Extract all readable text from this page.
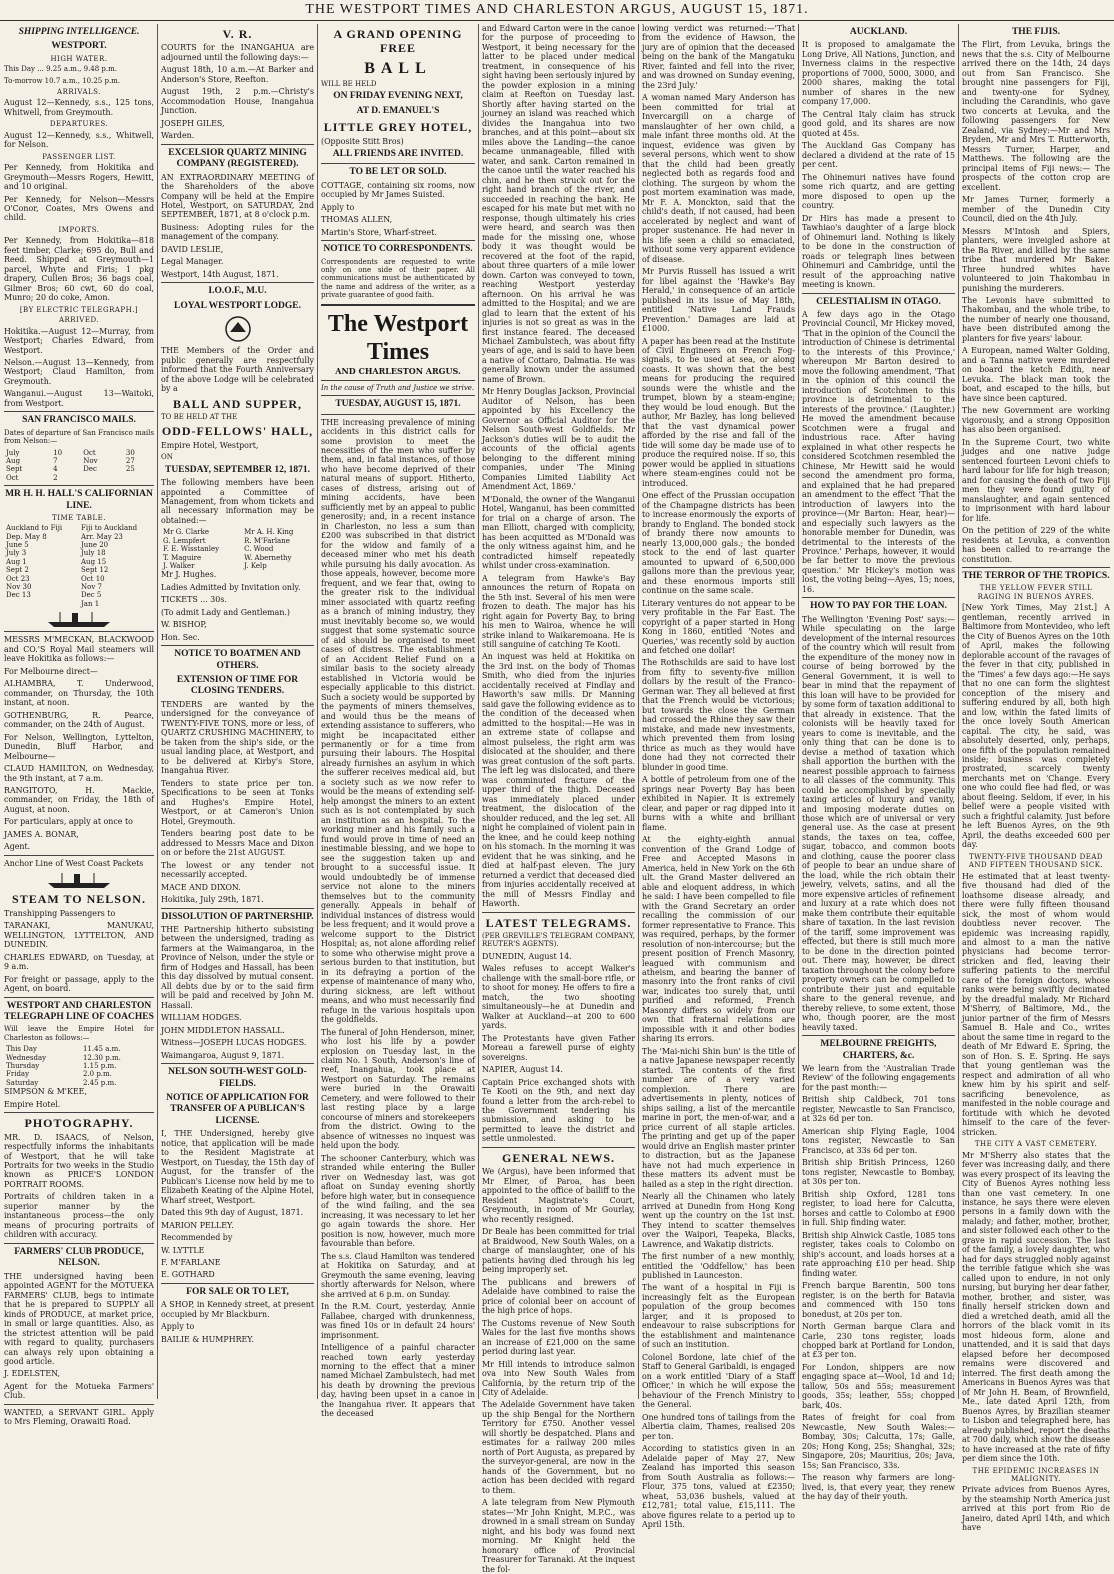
THE WESTPORT TIMES AND CHARLESTON ARGUS, AUGUST 15, 1871.
SHIPPING INTELLIGENCE.
WESTPORT.
HIGH WATER.

This Day ... 9.25 a.m., 9.48 p.m.

To-morrow 10.7 a.m., 10.25 p.m.

ARRIVALS.

August 12—Kennedy, s.s., 125 tons, Whitwell, from Greymouth.

DEPARTURES.

August 12—Kennedy, s.s., Whitwell, for Nelson.

PASSENGER LIST.

Per Kennedy, from Hokitika and Greymouth—Messrs Rogers, Hewitt, and 10 original.

Per Kennedy, for Nelson—Messrs O'Conor, Coates, Mrs Owens and child.

IMPORTS.

Per Kennedy, from Hokitika—818 feet timber, Clarke; 695 do, Bull and Reed. Shipped at Greymouth—1 parcel, Whyte and Firis; 1 pkg drapery, Cullen Bros; 36 bags coal, Gilmer Bros; 60 cwt, 60 do coal, Munro; 20 do coke, Amon.

[BY ELECTRIC TELEGRAPH.]
ARRIVED.

Hokitika.—August 12—Murray, from Westport; Charles Edward, from Westport.

Nelson.—August 13—Kennedy, from Westport; Claud Hamilton, from Greymouth.

Wanganui.—August 13—Waitoki, from Westport.

SAN FRANCISCO MAILS.

Dates of departure of San Francisco mails from Nelson:—

July	10	Oct	30
Aug	7	Nov	27
Sept	4	Dec	25
Oct	2		
MR H. H. HALL'S CALIFORNIAN LINE.
TIME TABLE.
Auckland to Fiji	Fiji to Auckland
Dep. May 8	Arr. May 23
June 5	June 20
July 3	July 18
Aug 1	Aug 15
Sept 2	Sept 12
Oct 23	Oct 10
Nov 30	Nov 7
Dec 13	Dec 5
	Jan 1

MESSRS M'MECKAN, BLACKWOOD and CO.'S Royal Mail steamers will leave Hokitika as follows:—

For Melbourne direct—

ALHAMBRA, T. Underwood, commander, on Thursday, the 10th instant, at noon.

GOTHENBURG, R. Pearce, commander, on the 24th of August.

For Nelson, Wellington, Lyttelton, Dunedin, Bluff Harbor, and Melbourne—

CLAUD HAMILTON, on Wednesday, the 9th instant, at 7 a.m.

RANGITOTO, H. Mackie, commander, on Friday, the 18th of August, at noon.

For particulars, apply at once to

JAMES A. BONAR,

Agent.

Anchor Line of West Coast Packets

STEAM TO NELSON.

Transhipping Passengers to

TARANAKI, MANUKAU, WELLINGTON, LYTTELTON, AND DUNEDIN.

CHARLES EDWARD, on Tuesday, at 9 a.m.

For freight or passage, apply to the Agent, on board.

WESTPORT AND CHARLESTON TELEGRAPH LINE OF COACHES

Will leave the Empire Hotel for Charleston as follows:—

This Day	11.45 a.m.
Wednesday	12.30 p.m.
Thursday	1.15 p.m.
Friday	2.0 p.m.
Saturday	2.45 p.m.

SIMPSON & M'KEE,

Empire Hotel.

PHOTOGRAPHY.

MR. D. ISAACS, of Nelson, respectfully informs the inhabitants of Westport, that he will take Portraits for two weeks in the Studio known as PRICE'S LONDON PORTRAIT ROOMS.

Portraits of children taken in a superior manner by the instantaneous process—the only means of procuring portraits of children with accuracy.

FARMERS' CLUB PRODUCE, NELSON.

THE undersigned having been appointed AGENT for the MOTUEKA FARMERS' CLUB, begs to intimate that he is prepared to SUPPLY all kinds of PRODUCE, at market price, in small or large quantities. Also, as the strictest attention will be paid with regard to quality, purchasers can always rely upon obtaining a good article.

J. EDELSTEN,

Agent for the Motueka Farmers' Club.

WANTED, a SERVANT GIRL. Apply to Mrs Fleming, Orawaiti Road.

V. R.

COURTS for the INANGAHUA are adjourned until the following days:—

August 18th, 10 a.m.—At Barker and Anderson's Store, Reefton.

August 19th, 2 p.m.—Christy's Accommodation House, Inangahua Junction.

JOSEPH GILES,

Warden.

EXCELSIOR QUARTZ MINING COMPANY (REGISTERED).

AN EXTRAORDINARY MEETING of the Shareholders of the above Company will be held at the Empire Hotel, Westport, on SATURDAY, 2nd SEPTEMBER, 1871, at 8 o'clock p.m.

Business: Adopting rules for the management of the company.

DAVID LESLIE,

Legal Manager.

Westport, 14th August, 1871.

I.O.O.F., M.U.
LOYAL WESTPORT LODGE.

THE Members of the Order and public generally are respectfully informed that the Fourth Anniversary of the above Lodge will be celebrated by a

BALL AND SUPPER,

TO BE HELD AT THE

ODD-FELLOWS' HALL,

Empire Hotel, Westport,

ON

TUESDAY, SEPTEMBER 12, 1871.

The following members have been appointed a Committee of Management, from whom tickets and all necessary information may be obtained:—

Mr G. Clarke	Mr A. H. King
G. Lempfert	R. M'Farlane
F. E. Wisstanley	C. Wood
T. Maguire	W. Abernethy
J. Walker	J. Kelp

Mr J. Hughes.

Ladies Admitted by Invitation only.

TICKETS ... 30s.

(To admit Lady and Gentleman.)

W. BISHOP,

Hon. Sec.

NOTICE TO BOATMEN AND OTHERS.
EXTENSION OF TIME FOR CLOSING TENDERS.

TENDERS are wanted by the undersigned for the conveyance of TWENTY-FIVE TONS, more or less, of QUARTZ CRUSHING MACHINERY, to be taken from the ship's side, or the usual landing place, at Westport, and to be delivered at Kirby's Store, Inangahua River.

Tenders to state price per ton. Specifications to be seen at Tonks and Hughes's Empire Hotel, Westport, or at Cameron's Union Hotel, Greymouth.

Tenders bearing post date to be addressed to Messrs Mace and Dixon on or before the 21st AUGUST.

The lowest or any tender not necessarily accepted.

MACE AND DIXON.

Hokitika, July 29th, 1871.

DISSOLUTION OF PARTNERSHIP.

THE Partnership hitherto subsisting between the undersigned, trading as farmers at the Waimangaroa, in the Province of Nelson, under the style or firm of Hodges and Hassall, has been this day dissolved by mutual consent. All debts due by or to the said firm will be paid and received by John M. Hassall.

WILLIAM HODGES.

JOHN MIDDLETON HASSALL.

Witness—JOSEPH LUCAS HODGES.

Waimangaroa, August 9, 1871.

NELSON SOUTH-WEST GOLD-FIELDS.
NOTICE OF APPLICATION FOR TRANSFER OF A PUBLICAN'S LICENSE.

I, THE Undersigned, hereby give notice, that application will be made to the Resident Magistrate at Westport, on Tuesday, the 15th day of August, for the transfer of the Publican's License now held by me to Elizabeth Keating of the Alpine Hotel, Wharf street, Westport.

Dated this 9th day of August, 1871.

MARION PELLEY.

Recommended by

W. LYTTLE

F. M'FARLANE

E. GOTHARD

FOR SALE OR TO LET,

A SHOP, in Kennedy street, at present occupied by Mr Blackburn.

Apply to

BAILIE & HUMPHREY.

A GRAND OPENING FREE
BALL

WILL BE HELD

ON FRIDAY EVENING NEXT,
AT D. EMANUEL'S
LITTLE GREY HOTEL,

(Opposite Stitt Bros)

ALL FRIENDS ARE INVITED.
TO BE LET OR SOLD.

COTTAGE, containing six rooms, now occupied by Mr James Suisted.

Apply to

THOMAS ALLEN,

Martin's Store, Wharf-street.

NOTICE TO CORRESPONDENTS.

Correspondents are requested to write only on one side of their paper. All communications must be authenticated by the name and address of the writer, as a private guarantee of good faith.

The Westport Times
AND CHARLESTON ARGUS.

In the cause of Truth and Justice we strive.

TUESDAY, AUGUST 15, 1871.

THE increasing prevalence of mining accidents in this district calls for some provision to meet the necessities of the men who suffer by them, and, in fatal instances, of those who have become deprived of their natural means of support. Hitherto, cases of distress, arising out of mining accidents, have been sufficiently met by an appeal to public generosity; and, in a recent instance in Charleston, no less a sum than £200 was subscribed in that district for the widow and family of a deceased miner who met his death while pursuing his daily avocation. As those appeals, however, become more frequent, and we fear that, owing to the greater risk to the individual miner associated with quartz reefing as a branch of mining industry, they must inevitably become so, we would suggest that some systematic source of aid should be organised to meet cases of distress. The establishment of an Accident Relief Fund on a similar basis to the society already established in Victoria would be especially applicable to this district. Such a society would be supported by the payments of miners themselves, and would thus be the means of extending assistance to sufferers, who might be incapacitated either permanently or for a time from pursuing their labours. The Hospital already furnishes an asylum in which the sufferer receives medical aid, but a society such as we now refer to would be the means of extending self-help amongst the miners to an extent such as is not contemplated by such an institution as an hospital. To the working miner and his family such a fund would prove in time of need an inestimable blessing, and we hope to see the suggestion taken up and brought to a successful issue. It would undoubtedly be of immense service not alone to the miners themselves but to the community generally. Appeals in behalf of individual instances of distress would be less frequent; and it would prove a welcome support to the District Hospital; as, not alone affording relief to some who otherwise might prove a serious burden to that institution, but in its defraying a portion of the expense of maintenance of many who, during sickness, are left without means, and who must necessarily find refuge in the various hospitals upon the goldfields.

The funeral of John Henderson, miner, who lost his life by a powder explosion on Tuesday last, in the claim No. 1 South, Anderson's line of reef, Inangahua, took place at Westport on Saturday. The remains were buried in the Orawaiti Cemetery, and were followed to their last resting place by a large concourse of miners and storekeepers from the district. Owing to the absence of witnesses no inquest was held upon the body.

The schooner Canterbury, which was stranded while entering the Buller river on Wednesday last, was got afloat on Sunday evening shortly before high water, but in consequence of the wind failing, and the sea increasing, it was necessary to let her go again towards the shore. Her position is now, however, much more favourable than before.

The s.s. Claud Hamilton was tendered at Hokitika on Saturday, and at Greymouth the same evening, leaving shortly afterwards for Nelson, where she arrived at 6 p.m. on Sunday.

In the R.M. Court, yesterday, Annie Fallabee, charged with drunkenness, was fined 10s or in default 24 hours' imprisonment.

Intelligence of a painful character reached town early yesterday morning to the effect that a miner named Michael Zambulstech, had met his death by drowning the previous day, having been upset in a canoe in the Inangahua river. It appears that the deceased

and Edward Carton were in the canoe for the purpose of proceeding to Westport, it being necessary for the latter to be placed under medical treatment, in consequence of his sight having been seriously injured by the powder explosion in a mining claim at Reefton on Tuesday last. Shortly after having started on the journey an island was reached which divides the Inangahua into two branches, and at this point—about six miles above the Landing—the canoe became unmanageable, filled with water, and sank. Carton remained in the canoe until the water reached his chin, and he then struck out for the right hand branch of the river, and succeeded in reaching the bank. He escaped for his mate but met with no response, though ultimately his cries were heard, and search was then made for the missing one, whose body it was thought would be recovered at the foot of the rapid, about three quarters of a mile lower down. Carton was conveyed to town, reaching Westport yesterday afternoon. On his arrival he was admitted to the Hospital; and we are glad to learn that the extent of his injuries is not so great as was in the first instance feared. The deceased Michael Zambulstech, was about fifty years of age, and is said to have been a native of Cottaro, Dalmatia. He was generally known under the assumed name of Brown.

Mr Henry Douglas Jackson, Provincial Auditor of Nelson, has been appointed by his Excellency the Governor as Official Auditor for the Nelson South-west Goldfields. Mr Jackson's duties will be to audit the accounts of the official agents belonging to the different mining companies, under 'The Mining Companies Limited Liability Act Amendment Act, 1869.'

M'Donald, the owner of the Wanganui Hotel, Wanganui, has been committed for trial on a charge of arson. The man Elliott, charged with complicity, has been acquitted as M'Donald was the only witness against him, and he contradicted himself repeatedly whilst under cross-examination.

A telegram from Hawke's Bay announces the return of Ropata on the 5th inst. Several of his men were frozen to death. The major has his right again for Poverty Bay, to bring his men to Wairoa, whence he will strike inland to Waikaremoana. He is still sanguine of catching Te Kooti.

An inquest was held at Hokitika on the 3rd inst. on the body of Thomas Smith, who died from the injuries accidentally received at Findlay and Haworth's saw mills. Dr Manning said gave the following evidence as to the condition of the deceased when admitted to the hospital:—He was in an extreme state of collapse and almost pulseless, the right arm was dislocated at the shoulder, and there was great contusion of the soft parts. The left leg was dislocated, and there was comminuted fracture of the upper third of the thigh. Deceased was immediately placed under treatment, the dislocation of the shoulder reduced, and the leg set. All night he complained of violent pain in the knee, and he could keep nothing on his stomach. In the morning it was evident that he was sinking, and he died at half-past eleven. The jury returned a verdict that deceased died from injuries accidentally received at the mill of Messrs Findlay and Haworth.

LATEST TELEGRAMS.

(PER GREVILLE'S TELEGRAM COMPANY, REUTER'S AGENTS).

DUNEDIN, August 14.

Wales refuses to accept Walker's challenge with the small-bore rifle, or to shoot for money. He offers to fire a match, the two shooting simultaneously—he at Dunedin and Walker at Auckland—at 200 to 600 yards.

The Protestants have given Father Moreau a farewell purse of eighty sovereigns.

NAPIER, August 14.

Captain Price exchanged shots with Te Kooti on the 9th, and next day found a letter from the arch-rebel to the Government tendering his submission, and asking to be permitted to leave the district and settle unmolested.

GENERAL NEWS.

We (Argus), have been informed that Mr Elmer, of Paroa, has been appointed to the office of bailiff to the Resident Magistrate's Court, Greymouth, in room of Mr Gourlay, who recently resigned.

Dr Beale has been committed for trial at Braidwood, New South Wales, on a charge of manslaughter, one of his patients having died through his leg being improperly set.

The publicans and brewers of Adelaide have combined to raise the price of colonial beer on account of the high price of hops.

The Customs revenue of New South Wales for the last five months shows an increase of £21,000 on the same period during last year.

Mr Hill intends to introduce salmon ova into New South Wales from California, by the return trip of the City of Adelaide.

The Adelaide Government have taken up the ship Bengal for the Northern Territory for £750. Another vessel will shortly be despatched. Plans and estimates for a railway 200 miles north of Port Augusta, as prepared by the surveyor-general, are now in the hands of the Government, but no action has been decided with regard to them.

A late telegram from New Plymouth states—'Mr John Knight, M.P.C., was drowned in a small stream on Sunday night, and his body was found next morning. Mr Knight held the honorary office of Provincial Treasurer for Taranaki. At the inquest the fol-

lowing verdict was returned:—'That from the evidence of Hawson, the jury are of opinion that the deceased being on the bank of the Mangatuku River, fainted and fell into the river, and was drowned on Sunday evening, the 23rd July.'

A woman named Mary Anderson has been committed for trial at Invercargill on a charge of manslaughter of her own child, a male infant three months old. At the inquest, evidence was given by several persons, which went to show that the child had been greatly neglected both as regards food and clothing. The surgeon by whom the post mortem examination was made, Mr F. A. Monckton, said that the child's death, if not caused, had been accelerated by neglect and want of proper sustenance. He had never in his life seen a child so emaciated, without some very apparent evidence of disease.

Mr Purvis Russell has issued a writ for libel against the 'Hawke's Bay Herald,' in consequence of an article published in its issue of May 18th, entitled 'Native Land Frauds Prevention.' Damages are laid at £1000.

A paper has been read at the Institute of Civil Engineers on French Fog-signals, to be used at sea, or along coasts. It was shown that the best means for producing the required sounds were the whistle and the trumpet, blown by a steam-engine; they would be loud enough. But the author, Mr Bazley, has long believed that the vast dynamical power afforded by the rise and fall of the tide will some day be made use of to produce the required noise. If so, this power would be applied in situations where steam-engines could not be introduced.

One effect of the Prussian occupation of the Champagne districts has been to increase enormously the exports of brandy to England. The bonded stock of brandy there now amounts to nearly 13,000,000 gals.; the bonded stock to the end of last quarter amounted to upward of 6,500,000 gallons more than the previous year, and these enormous imports still continue on the same scale.

Literary ventures do not appear to be very profitable in the Far East. The copyright of a paper started in Hong Kong in 1860, entitled 'Notes and Queries,' was recently sold by auction and fetched one dollar!

The Rothschilds are said to have lost from fifty to seventy-five million dollars by the result of the Franco-German war. They all believed at first that the French would be victorious; but towards the close the German had crossed the Rhine they saw their mistake, and made new investments, which prevented them from losing thrice as much as they would have done had they not corrected their blunder in good time.

A bottle of petroleum from one of the springs near Poverty Bay has been exhibited in Napier. It is extremely clear, and paper or rag dipped into it burns with a white and brilliant flame.

At the eighty-eighth annual convention of the Grand Lodge of Free and Accepted Masons in America, held in New York on the 6th ult. the Grand Master delivered an able and eloquent address, in which he said: I have been compelled to file with the Grand Secretary an order recalling the commission of our former representative to France. This was required, perhaps, by the former resolution of non-intercourse; but the present position of French Masonry, leagued with communism and atheism, and bearing the banner of masonry into the front ranks of civil war, indicates too surely that, until purified and reformed, French Masonry differs so widely from our own that fraternal relations are impossible with it and other bodies sharing its errors.

The 'Mai-nichi Shin bun' is the title of a native Japanese newspaper recently started. The contents of the first number are of a very varied complexion. There are advertisements in plenty, notices of ships sailing, a list of the mercantile marine in port, the men-of-war, and a price current of all staple articles. The printing and get up of the paper would drive an English master printer to distraction, but as the Japanese have not had much experience in these matters its advent must be hailed as a step in the right direction.

Nearly all the Chinamen who lately arrived at Dunedin from Hong Kong went up the country on the 1st inst. They intend to scatter themselves over the Waipori, Teapeka, Blacks, Lawrence, and Wakatip districts.

The first number of a new monthly, entitled the 'Oddfellow,' has been published in Launceston.

The want of a hospital in Fiji is increasingly felt as the European population of the group becomes larger, and it is proposed to endeavour to raise subscriptions for the establishment and maintenance of such an institution.

Colonel Bordone, late chief of the Staff to General Garibaldi, is engaged on a work entitled 'Diary of a Staff Officer,' in which he will expose the behaviour of the French Ministry to the General.

One hundred tons of tailings from the Albertia claim, Thames, realised 20s per ton.

According to statistics given in an Adelaide paper of May 27, New Zealand has imported this season from South Australia as follows:—Flour, 375 tons, valued at £2350; wheat, 53,036 bushels, valued at £12,781; total value, £15,111. The above figures relate to a period up to April 15th.

AUCKLAND.

It is proposed to amalgamate the Long Drive, All Nations, Junction, and Inverness claims in the respective proportions of 7000, 5000, 3000, and 2000 shares, making the total number of shares in the new company 17,000.

The Central Italy claim has struck good gold, and its shares are now quoted at 45s.

The Auckland Gas Company has declared a dividend at the rate of 15 per cent.

The Ohinemuri natives have found some rich quartz, and are getting more disposed to open up the country.

Dr Hirs has made a present to Tawhiao's daughter of a large block of Ohinemuri land. Nothing is likely to be done in the construction of roads or telegraph lines between Ohinemuri and Cambridge, until the result of the approaching native meeting is known.

CELESTIALISM IN OTAGO.

A few days ago in the Otago Provincial Council, Mr Hickey moved, 'That in the opinion of the Council the introduction of Chinese is detrimental to the interests of this Province,' whereupon Mr Barton desired to move the following amendment, 'That in the opinion of this council the introduction of Scotchmen to this province is detrimental to the interests of the province.' (Laughter.) He moved the amendment because Scotchmen were a frugal and industrious race. After having explained in what other respects he considered Scotchmen resembled the Chinese, Mr Hewitt said he would second the amendment pro forma, and explained that he had prepared an amendment to the effect 'That the introduction of lawyers into the province—(Mr Barton: Hear, hear)—and especially such lawyers as the honorable member for Dunedin, was detrimental to the interests of the Province.' Perhaps, however, it would be far better to move the previous question.' Mr Hickey's motion was lost, the voting being—Ayes, 15; noes, 16.

HOW TO PAY FOR THE LOAN.

The Wellington 'Evening Post' says:—While speculating on the large development of the internal resources of the country which will result from the expenditure of the money now in course of being borrowed by the General Government, it is well to bear in mind that the repayment of this loan will have to be provided for by some form of taxation additional to that already in existence. That the colonists will be heavily taxed for years to come is inevitable, and the only thing that can be done is to devise a method of taxation which shall apportion the burthen with the nearest possible approach to fairness to all classes of the community. This could be accomplished by specially taxing articles of luxury and vanity, and imposing moderate duties on those which are of universal or very general use. As the case at present stands, the taxes on tea, coffee, sugar, tobacco, and common boots and clothing, cause the poorer class of people to bear an undue share of the load, while the rich obtain their jewelry, velvets, satins, and all the more expensive articles of refinement and luxury at a rate which does not make them contribute their equitable share of taxation. In the last revision of the tariff, some improvement was effected, but there is still much more to be done in the direction pointed out. There may, however, be direct taxation throughout the colony before property owners can be compelled to contribute their just and equitable share to the general revenue, and thereby relieve, to some extent, those who, though poorer, are the most heavily taxed.

MELBOURNE FREIGHTS, CHARTERS, &c.

We learn from the 'Australian Trade Review' of the following engagements for the past month:—

British ship Caldbeck, 701 tons register, Newcastle to San Francisco, at 32s 6d per ton.

American ship Flying Eagle, 1004 tons register, Newcastle to San Francisco, at 33s 6d per ton.

British ship British Princess, 1260 tons register, Newcastle to Bombay, at 30s per ton.

British ship Oxford, 1281 tons register, to load here for Calcutta, horses and cattle to Colombo at £900 in full. Ship finding water.

British ship Alnwick Castle, 1085 tons register, takes coals to Colombo on ship's account, and loads horses at a rate approaching £10 per head. Ship finding water.

French barque Barentin, 500 tons register, is on the berth for Batavia and commenced with 150 tons bonedust, at 20s per ton.

North German barque Clara and Carle, 230 tons register, loads chopped bark at Portland for London, at £3 per ton.

For London, shippers are now engaging space at—Wool, 1d and 1d; tallow, 50s and 55s; measurement goods, 35s; leather, 55s; chopped bark, 40s.

Rates of freight for coal from Newcastle, New South Wales:—Bombay, 30s; Calcutta, 17s; Galle, 20s; Hong Kong, 25s; Shanghai, 32s; Singapore, 20s; Mauritius, 20s; Java, 15s; San Francisco, 33s.

The reason why farmers are long-lived, is, that every year, they renew the hay day of their youth.

THE FIJIS.

The Flirt, from Levuka, brings the news that the s.s. City of Melbourne arrived there on the 14th, 24 days out from San Francisco. She brought nine passengers for Fiji, and twenty-one for Sydney, including the Carandinis, who gave two concerts at Levuka, and the following passengers for New Zealand, via Sydney:—Mr and Mrs Bryden, Mr and Mrs T. Rutterworth, Messrs Turner, Harper, and Matthews. The following are the principal items of Fiji news:— The prospects of the cotton crop are excellent.

Mr James Turner, formerly a member of the Dunedin City Council, died on the 4th July.

Messrs M'Intosh and Spiers, planters, were inveigled ashore at the Ba River, and killed by the same tribe that murdered Mr Baker. Three hundred whites have volunteered to join Thakombau in punishing the murderers.

The Levonis have submitted to Thakombau, and the whole tribe, to the number of nearly one thousand, have been distributed among the planters for five years' labour.

A European, named Walter Golding, and a Tanna native were murdered on board the ketch Edith, near Levuka. The black man took the boat, and escaped to the hills, but have since been captured.

The new Government are working vigorously, and a strong Opposition has also been organised.

In the Supreme Court, two white judges and one native judge sentenced fourteen Levoni chiefs to hard labour for life for high treason; and for causing the death of two Fiji men they were found guilty of manslaughter, and again sentenced to imprisonment with hard labour for life.

On the petition of 229 of the white residents at Levuka, a convention has been called to re-arrange the constitution.

THE TERROR OF THE TROPICS.
THE YELLOW FEVER STILL RAGING IN BUENOS AYRES.

[New York Times, May 21st.] A gentleman, recently arrived in Baltimore from Montevideo, who left the City of Buenos Ayres on the 10th of April, makes the following deplorable account of the ravages of the fever in that city, published in the 'Times' a few days ago:—He says that no one can form the slightest conception of the misery and suffering endured by all, both high and low, within the fated limits of the once lovely South American capital. The city, he said, was absolutely deserted, only, perhaps, one fifth of the population remained inside; business was completely prostrated, scarcely twenty merchants met on 'Change. Every one who could flee had fled, or was about fleeing. Seldom, if ever, in his belief were a people visited with such a frightful calamity. Just before he left Buenos Ayres, on the 9th April, the deaths exceeded 600 per day.

TWENTY-FIVE THOUSAND DEAD AND FIFTEEN THOUSAND SICK.

He estimated that at least twenty-five thousand had died of the loathsome disease already, and there were fully fifteen thousand sick, the most of whom would doubtless never recover. The epidemic was increasing rapidly, and almost to a man the native physicians had become terror-stricken and fled, leaving their suffering patients to the merciful care of the foreign doctors, whose ranks were being swiftly decimated by the dreadful malady. Mr Richard M'Sherry, of Baltimore, Md., the junior partner of the firm of Messrs Samuel B. Hale and Co., writes about the same time in regard to the death of Mr Edward E. Spring, the son of Hon. S. E. Spring. He says that young gentleman was the respect and admiration of all who knew him by his spirit and self-sacrificing benevolence, as manifested in the noble courage and fortitude with which he devoted himself to the care of the fever-stricken.

THE CITY A VAST CEMETERY.

Mr M'Sherry also states that the fever was increasing daily, and there was every prospect of its leaving the City of Buenos Ayres nothing less than one vast cemetery. In one instance, he says there were eleven persons in a family down with the malady; and father, mother, brother, and sister followed each other to the grave in rapid succession. The last of the family, a lovely daughter, who had for days struggled nobly against the terrible fatigue which she was called upon to endure, in not only nursing, but burying her dear father, mother, brother, and sister, was finally herself stricken down and died a wretched death, amid all the horrors of the black vomit in its most hideous form, alone and unattended, and it is said that days elapsed before her decomposed remains were discovered and interred. The first death among the Americans in Buenos Ayres was that of Mr John H. Beam, of Brownfield, Me., late dated April 12th, from Buenos Ayres, by Brazilian steamer to Lisbon and telegraphed here, has already published, report the deaths at 700 daily, which show the disease to have increased at the rate of fifty per diem since the 10th.

THE EPIDEMIC INCREASES IN MALIGNITY.

Private advices from Buenos Ayres, by the steamship North America just arrived at this port from Rio de Janeiro, dated April 14th, and which have
